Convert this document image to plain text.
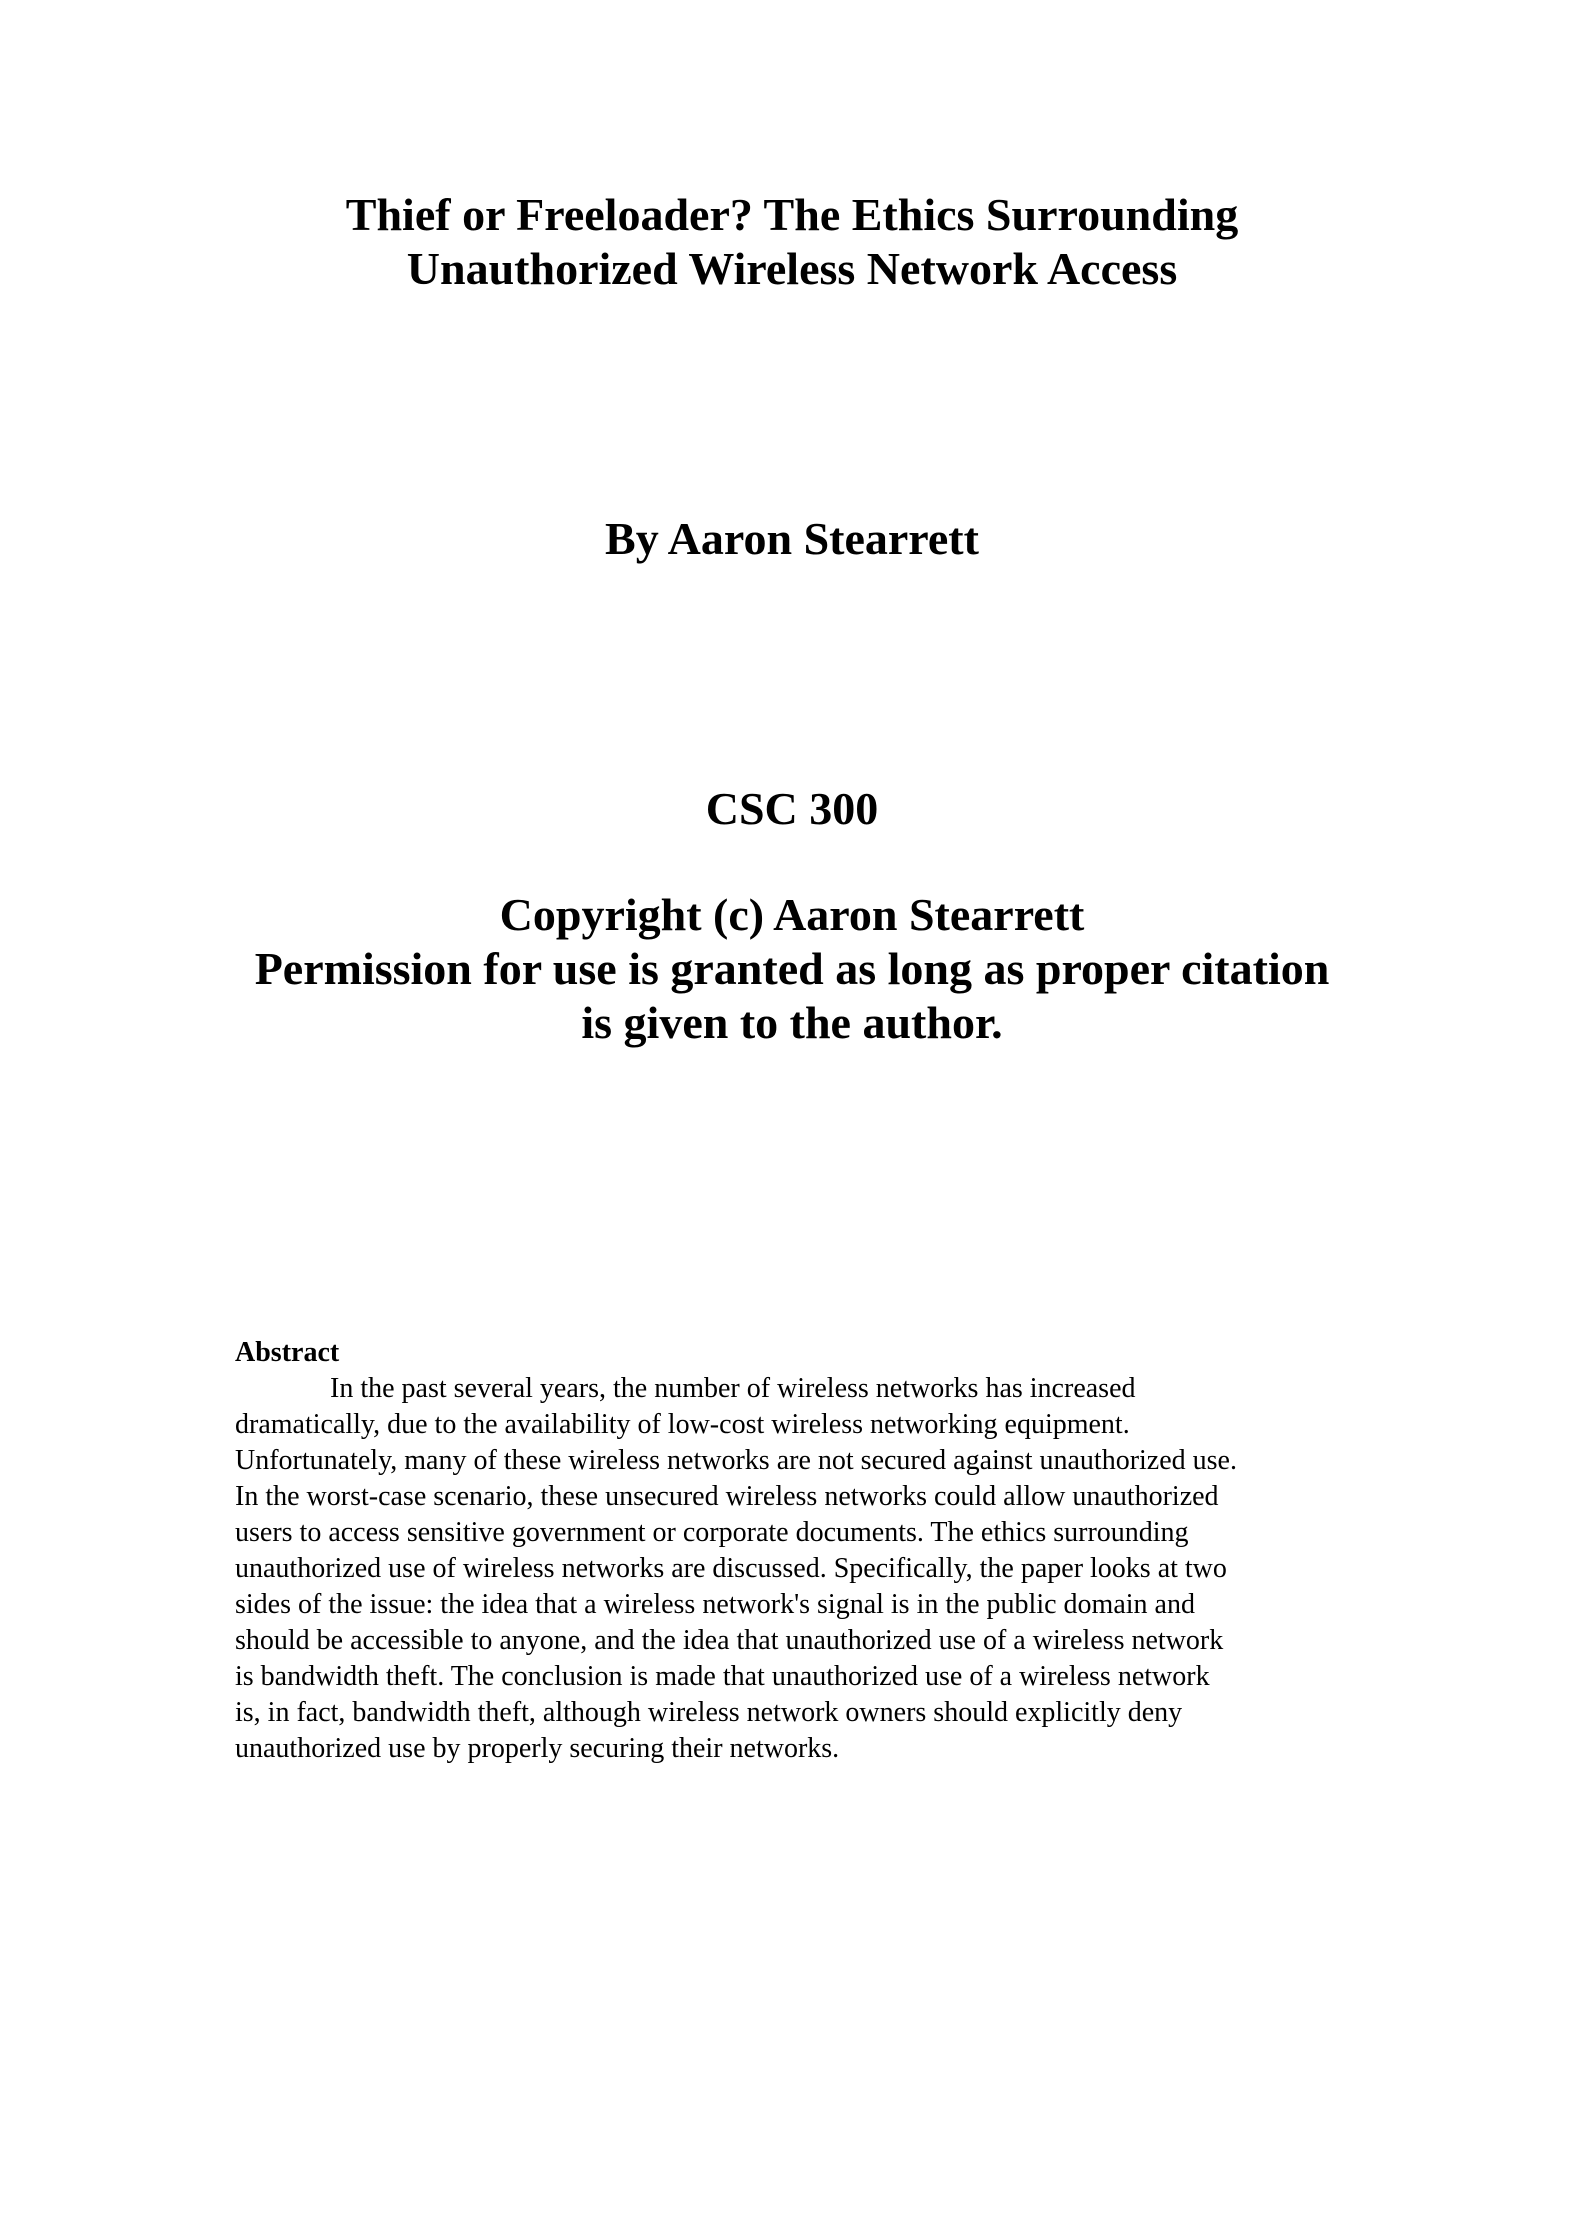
Thief or Freeloader? The Ethics Surrounding
Unauthorized Wireless Network Access
By Aaron Stearrett
CSC 300
Copyright (c) Aaron Stearrett
Permission for use is granted as long as proper citation
is given to the author.
Abstract
In the past several years, the number of wireless networks has increased
dramatically, due to the availability of low-cost wireless networking equipment.
Unfortunately, many of these wireless networks are not secured against unauthorized use.
In the worst-case scenario, these unsecured wireless networks could allow unauthorized
users to access sensitive government or corporate documents. The ethics surrounding
unauthorized use of wireless networks are discussed. Specifically, the paper looks at two
sides of the issue: the idea that a wireless network's signal is in the public domain and
should be accessible to anyone, and the idea that unauthorized use of a wireless network
is bandwidth theft. The conclusion is made that unauthorized use of a wireless network
is, in fact, bandwidth theft, although wireless network owners should explicitly deny
unauthorized use by properly securing their networks.
